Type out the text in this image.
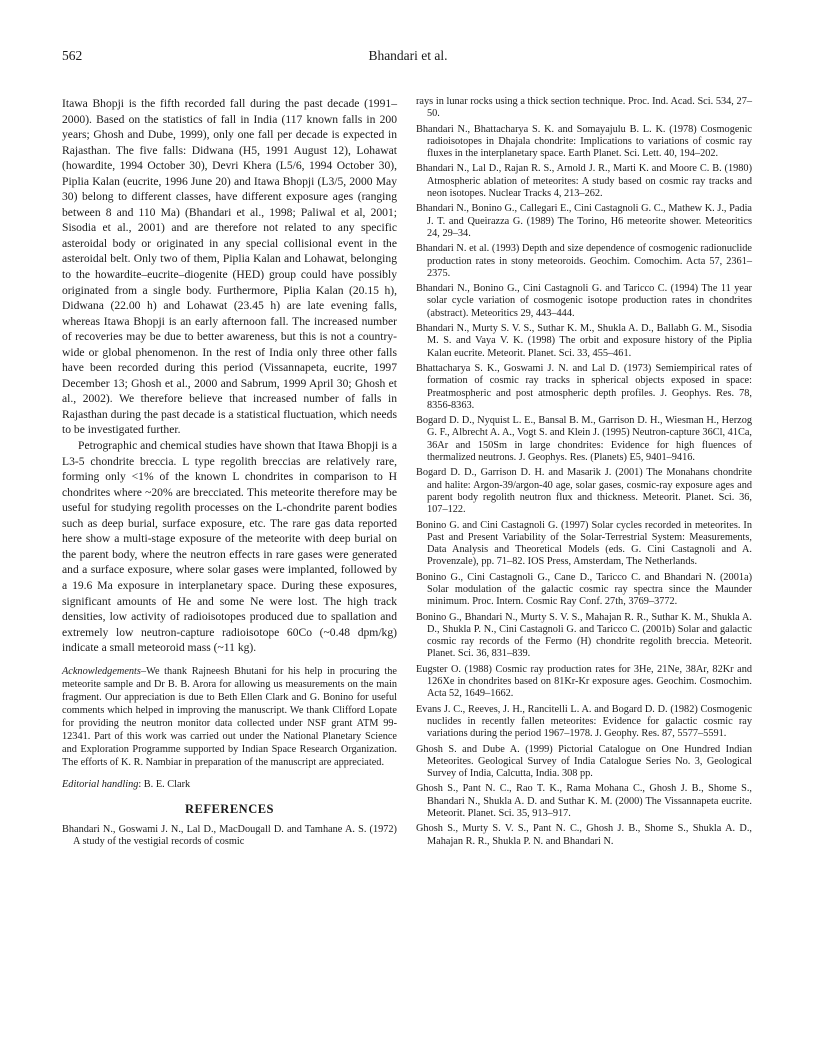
562	Bhandari et al.

Itawa Bhopji is the fifth recorded fall during the past decade (1991–2000). Based on the statistics of fall in India (117 known falls in 200 years; Ghosh and Dube, 1999), only one fall per decade is expected in Rajasthan. The five falls: Didwana (H5, 1991 August 12), Lohawat (howardite, 1994 October 30), Devri Khera (L5/6, 1994 October 30), Piplia Kalan (eucrite, 1996 June 20) and Itawa Bhopji (L3/5, 2000 May 30) belong to different classes, have different exposure ages (ranging between 8 and 110 Ma) (Bhandari et al., 1998; Paliwal et al, 2001; Sisodia et al., 2001) and are therefore not related to any specific asteroidal body or originated in any special collisional event in the asteroidal belt. Only two of them, Piplia Kalan and Lohawat, belonging to the howardite–eucrite–diogenite (HED) group could have possibly originated from a single body. Furthermore, Piplia Kalan (20.15 h), Didwana (22.00 h) and Lohawat (23.45 h) are late evening falls, whereas Itawa Bhopji is an early afternoon fall. The increased number of recoveries may be due to better awareness, but this is not a country-wide or global phenomenon. In the rest of India only three other falls have been recorded during this period (Vissannapeta, eucrite, 1997 December 13; Ghosh et al., 2000 and Sabrum, 1999 April 30; Ghosh et al., 2002). We therefore believe that increased number of falls in Rajasthan during the past decade is a statistical fluctuation, which needs to be investigated further.

Petrographic and chemical studies have shown that Itawa Bhopji is a L3-5 chondrite breccia. L type regolith breccias are relatively rare, forming only <1% of the known L chondrites in comparison to H chondrites where ~20% are brecciated. This meteorite therefore may be useful for studying regolith processes on the L-chondrite parent bodies such as deep burial, surface exposure, etc. The rare gas data reported here show a multi-stage exposure of the meteorite with deep burial on the parent body, where the neutron effects in rare gases were generated and a surface exposure, where solar gases were implanted, followed by a 19.6 Ma exposure in interplanetary space. During these exposures, significant amounts of He and some Ne were lost. The high track densities, low activity of radioisotopes produced due to spallation and extremely low neutron-capture radioisotope 60Co (~0.48 dpm/kg) indicate a small meteoroid mass (~11 kg).

Acknowledgements–We thank Rajneesh Bhutani for his help in procuring the meteorite sample and Dr B. B. Arora for allowing us measurements on the main fragment. Our appreciation is due to Beth Ellen Clark and G. Bonino for useful comments which helped in improving the manuscript. We thank Clifford Lopate for providing the neutron monitor data collected under NSF grant ATM 99-12341. Part of this work was carried out under the National Planetary Science and Exploration Programme supported by Indian Space Research Organization. The efforts of K. R. Nambiar in preparation of the manuscript are appreciated.

Editorial handling: B. E. Clark

REFERENCES

Bhandari N., Goswami J. N., Lal D., MacDougall D. and Tamhane A. S. (1972) A study of the vestigial records of cosmic

rays in lunar rocks using a thick section technique. Proc. Ind. Acad. Sci. 534, 27–50.

Bhandari N., Bhattacharya S. K. and Somayajulu B. L. K. (1978) Cosmogenic radioisotopes in Dhajala chondrite: Implications to variations of cosmic ray fluxes in the interplanetary space. Earth Planet. Sci. Lett. 40, 194–202.

Bhandari N., Lal D., Rajan R. S., Arnold J. R., Marti K. and Moore C. B. (1980) Atmospheric ablation of meteorites: A study based on cosmic ray tracks and neon isotopes. Nuclear Tracks 4, 213–262.

Bhandari N., Bonino G., Callegari E., Cini Castagnoli G. C., Mathew K. J., Padia J. T. and Queirazza G. (1989) The Torino, H6 meteorite shower. Meteoritics 24, 29–34.

Bhandari N. et al. (1993) Depth and size dependence of cosmogenic radionuclide production rates in stony meteoroids. Geochim. Comochim. Acta 57, 2361–2375.

Bhandari N., Bonino G., Cini Castagnoli G. and Taricco C. (1994) The 11 year solar cycle variation of cosmogenic isotope production rates in chondrites (abstract). Meteoritics 29, 443–444.

Bhandari N., Murty S. V. S., Suthar K. M., Shukla A. D., Ballabh G. M., Sisodia M. S. and Vaya V. K. (1998) The orbit and exposure history of the Piplia Kalan eucrite. Meteorit. Planet. Sci. 33, 455–461.

Bhattacharya S. K., Goswami J. N. and Lal D. (1973) Semiempirical rates of formation of cosmic ray tracks in spherical objects exposed in space: Preatmospheric and post atmospheric depth profiles. J. Geophys. Res. 78, 8356-8363.

Bogard D. D., Nyquist L. E., Bansal B. M., Garrison D. H., Wiesman H., Herzog G. F., Albrecht A. A., Vogt S. and Klein J. (1995) Neutron-capture 36Cl, 41Ca, 36Ar and 150Sm in large chondrites: Evidence for high fluences of thermalized neutrons. J. Geophys. Res. (Planets) E5, 9401–9416.

Bogard D. D., Garrison D. H. and Masarik J. (2001) The Monahans chondrite and halite: Argon-39/argon-40 age, solar gases, cosmic-ray exposure ages and parent body regolith neutron flux and thickness. Meteorit. Planet. Sci. 36, 107–122.

Bonino G. and Cini Castagnoli G. (1997) Solar cycles recorded in meteorites. In Past and Present Variability of the Solar-Terrestrial System: Measurements, Data Analysis and Theoretical Models (eds. G. Cini Castagnoli and A. Provenzale), pp. 71–82. IOS Press, Amsterdam, The Netherlands.

Bonino G., Cini Castagnoli G., Cane D., Taricco C. and Bhandari N. (2001a) Solar modulation of the galactic cosmic ray spectra since the Maunder minimum. Proc. Intern. Cosmic Ray Conf. 27th, 3769–3772.

Bonino G., Bhandari N., Murty S. V. S., Mahajan R. R., Suthar K. M., Shukla A. D., Shukla P. N., Cini Castagnoli G. and Taricco C. (2001b) Solar and galactic cosmic ray records of the Fermo (H) chondrite regolith breccia. Meteorit. Planet. Sci. 36, 831–839.

Eugster O. (1988) Cosmic ray production rates for 3He, 21Ne, 38Ar, 82Kr and 126Xe in chondrites based on 81Kr-Kr exposure ages. Geochim. Cosmochim. Acta 52, 1649–1662.

Evans J. C., Reeves, J. H., Rancitelli L. A. and Bogard D. D. (1982) Cosmogenic nuclides in recently fallen meteorites: Evidence for galactic cosmic ray variations during the period 1967–1978. J. Geophy. Res. 87, 5577–5591.

Ghosh S. and Dube A. (1999) Pictorial Catalogue on One Hundred Indian Meteorites. Geological Survey of India Catalogue Series No. 3, Geological Survey of India, Calcutta, India. 308 pp.

Ghosh S., Pant N. C., Rao T. K., Rama Mohana C., Ghosh J. B., Shome S., Bhandari N., Shukla A. D. and Suthar K. M. (2000) The Vissannapeta eucrite. Meteorit. Planet. Sci. 35, 913–917.

Ghosh S., Murty S. V. S., Pant N. C., Ghosh J. B., Shome S., Shukla A. D., Mahajan R. R., Shukla P. N. and Bhandari N.
